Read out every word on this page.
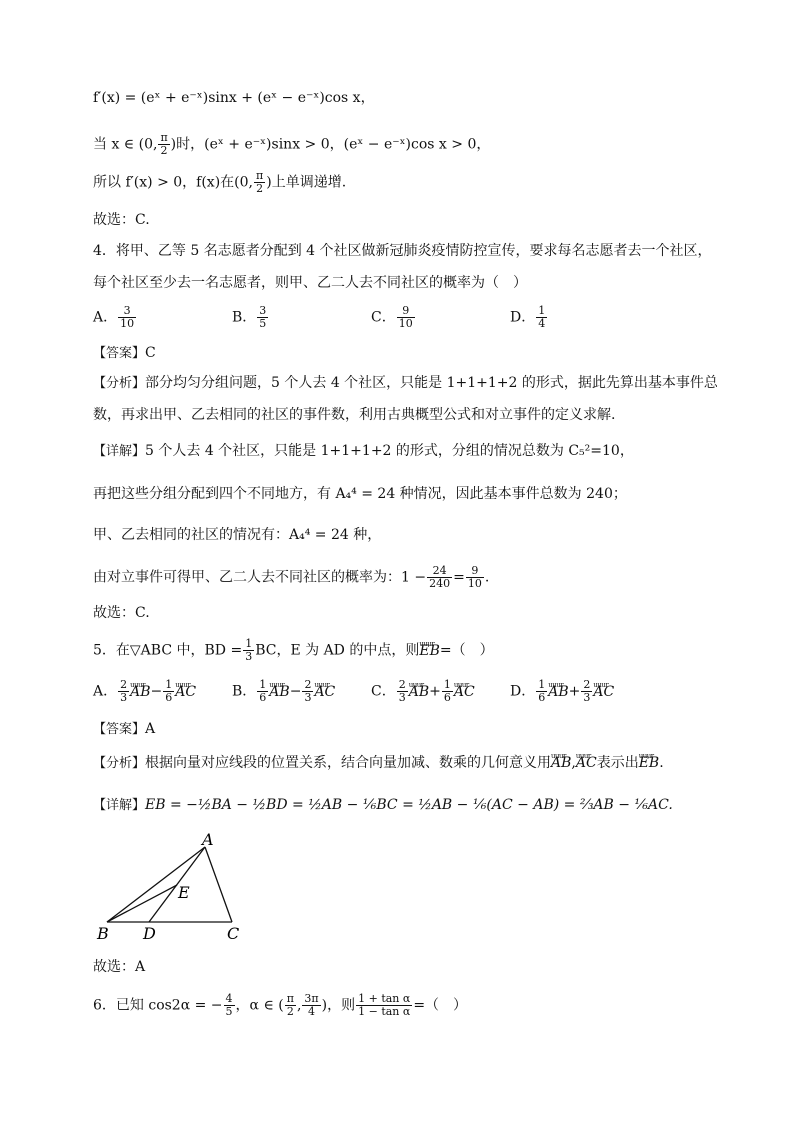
f′(x) = (eˣ + e⁻ˣ)sinx + (eˣ − e⁻ˣ)cos x，
当 x ∈ (0, $\frac{\pi}{2}$ )时，(eˣ + e⁻ˣ)sinx > 0，(eˣ − e⁻ˣ)cos x > 0，
所以 f′(x) > 0，f(x)在(0, $\frac{\pi}{2}$ )上单调递增.
故选：C.
4．将甲、乙等 5 名志愿者分配到 4 个社区做新冠肺炎疫情防控宣传，要求每名志愿者去一个社区，
每个社区至少去一名志愿者，则甲、乙二人去不同社区的概率为（　）
A． $\frac{3}{10}$	B． $\frac{3}{5}$	C． $\frac{9}{10}$	D． $\frac{1}{4}$
【答案】C
【分析】部分均匀分组问题，5 个人去 4 个社区，只能是 1+1+1+2 的形式，据此先算出基本事件总
数，再求出甲、乙去相同的社区的事件数，利用古典概型公式和对立事件的定义求解.
【详解】5 个人去 4 个社区，只能是 1+1+1+2 的形式，分组的情况总数为 C₅²=10，
再把这些分组分配到四个不同地方，有 A₄⁴ = 24 种情况，因此基本事件总数为 240；
甲、乙去相同的社区的情况有：A₄⁴ = 24 种，
由对立事件可得甲、乙二人去不同社区的概率为：$1 - \frac{24}{240} = \frac{9}{10}$ .
故选：C.
5．在▽ABC 中，BD = $\frac{1}{3}$ BC，E 为 AD 的中点，则uuur EB=（　）
A． $\frac{2}{3}$ uuur $AB- \frac{1}{6}$ uuur AC	B． $\frac{1}{6}$ uuur $AB- \frac{2}{3}$ uuur AC	C． $\frac{2}{3}$ uuur $AB+ \frac{1}{6}$ uuur AC	D． $\frac{1}{6}$ uuur $AB+ \frac{2}{3}$ uuur AC
【答案】A
【分析】根据向量对应线段的位置关系，结合向量加减、数乘的几何意义用uuur AB,uuur AC表示出uuur EB.
【详解】EB = −½BA − ½BD = ½AB − ⅙BC = ½AB − ⅙(AC − AB) = ⅔AB − ⅙AC.
A
E
B D	C
故选：A
6．已知 cos2α = − $\frac{4}{5}$ ，α ∈ ( $\frac{\pi}{2}$ , $\frac{3\pi}{4}$ )，则 $\frac{\text{1 + tan α}}{\text{1 − tan α}}$ =（　）
